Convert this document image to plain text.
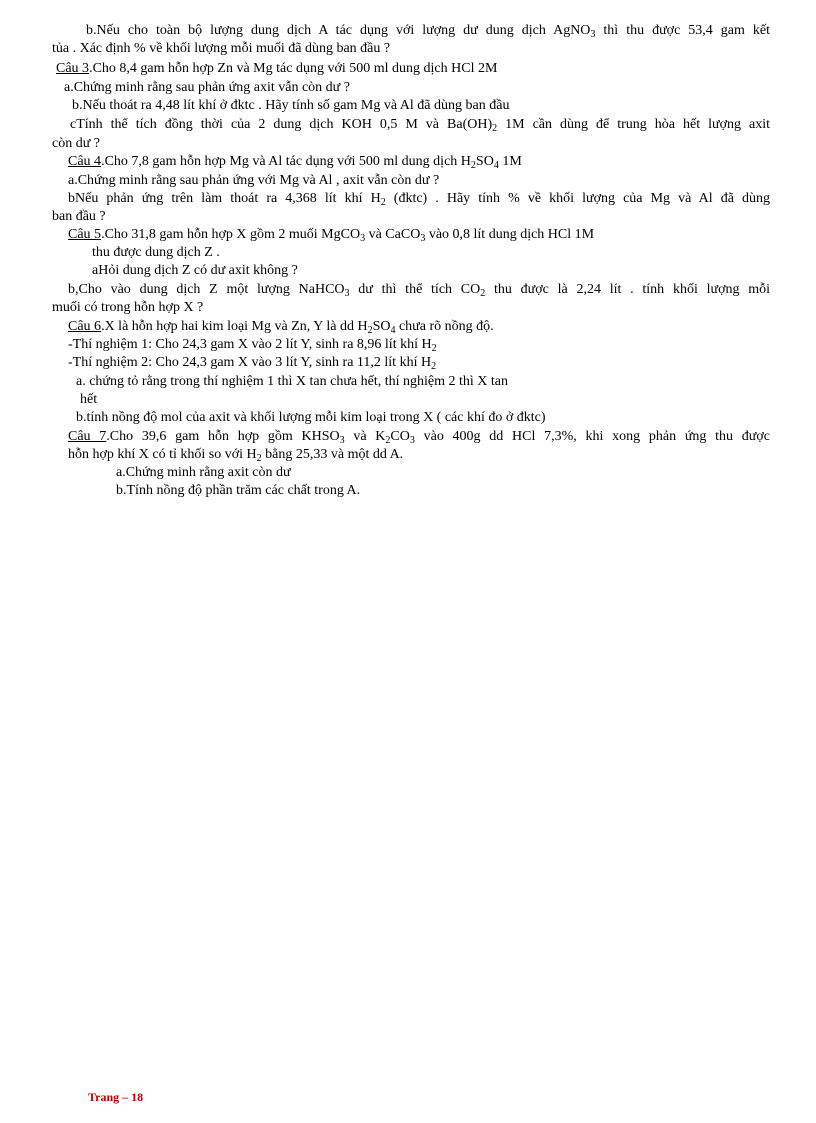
b.Nếu cho toàn bộ lượng dung dịch A tác dụng với lượng dư dung dịch AgNO$_3$ thì thu được 53,4 gam kết
tủa . Xác định % về khối lượng mỗi muối đã dùng ban đầu ?
Câu 3.Cho 8,4 gam hỗn hợp Zn và Mg tác dụng với 500 ml dung dịch HCl 2M
a.Chứng minh rằng sau phản ứng axit vẫn còn dư ?
b.Nếu thoát ra 4,48 lít khí ở đktc . Hãy tính số gam Mg và Al đã dùng ban đầu
cTính thể tích đồng thời của 2 dung dịch KOH 0,5 M và $Ba(OH)_2$ 1M cần dùng để trung hòa hết lượng axit
còn dư ?
Câu 4.Cho 7,8 gam hỗn hợp Mg và Al tác dụng với 500 ml dung dịch $H_2SO_4$ 1M
a.Chứng minh rằng sau phản ứng với Mg và Al , axit vẫn còn dư ?
bNếu phản ứng trên làm thoát ra 4,368 lít khí $H_2$ (đktc) . Hãy tính % về khối lượng của Mg và Al đã dùng
ban đầu ?
Câu 5.Cho 31,8 gam hỗn hợp X gồm 2 muối MgCO$_3$ và CaCO$_3$ vào 0,8 lít dung dịch HCl 1M
thu được dung dịch Z .
aHỏi dung dịch Z có dư axit không ?
b,Cho vào dung dịch Z một lượng NaHCO$_3$ dư thì thể tích $CO_2$ thu được là 2,24 lít . tính khối lượng mỗi
muối có trong hỗn hợp X ?
Câu 6.X là hỗn hợp hai kim loại Mg và Zn, Y là dd $H_2SO_4$ chưa rõ nồng độ.
-Thí nghiệm 1: Cho 24,3 gam X vào 2 lít Y, sinh ra 8,96 lít khí $H_2$
-Thí nghiệm 2: Cho 24,3 gam X vào 3 lít Y, sinh ra 11,2 lít khí $H_2$
a. chứng tỏ rằng trong thí nghiệm 1 thì X tan chưa hết, thí nghiệm 2 thì X tan
hết
b.tính nồng độ mol của axit và khối lượng mỗi kim loại trong X ( các khí đo ở đktc)
Câu 7.Cho 39,6 gam hỗn hợp gồm $KHSO_3$ và $K_2CO_3$ vào 400g dd HCl 7,3%, khi xong phản ứng thu được
hỗn hợp khí X có tỉ khối so với $H_2$ bằng 25,33 và một dd A.
a.Chứng minh rằng axit còn dư
b.Tính nồng độ phần trăm các chất trong A.
Trang – 18
